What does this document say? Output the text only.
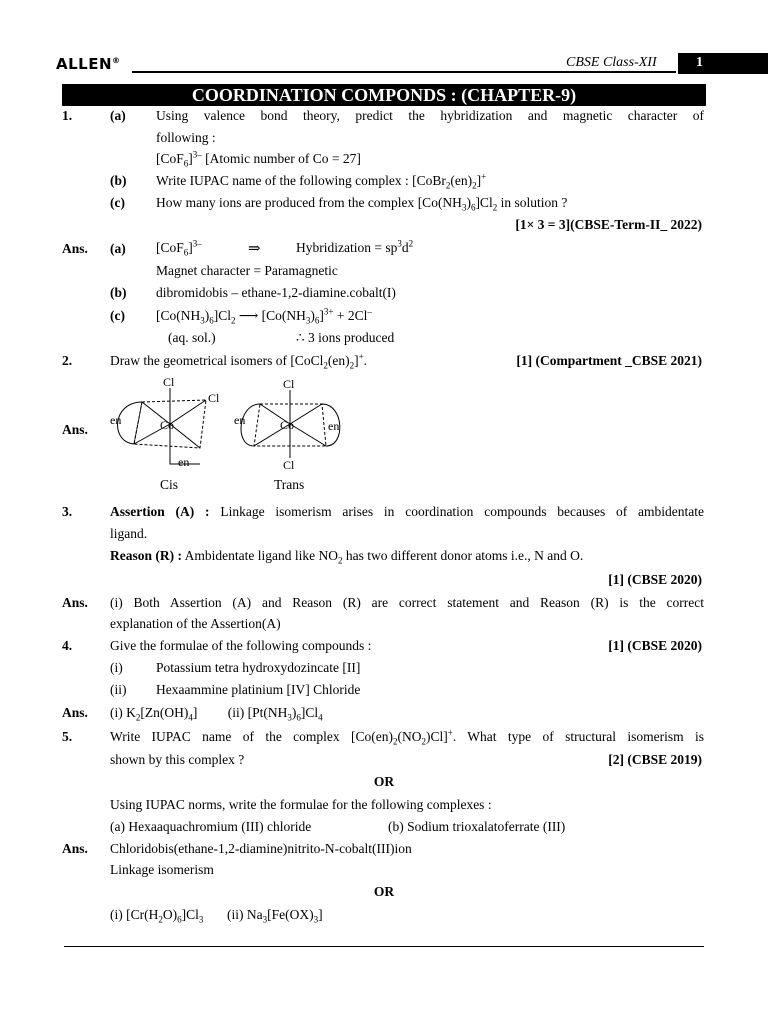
ALLEN®	CBSE Class-XII	1
COORDINATION COMPONDS : (CHAPTER-9)
1.	(a) Using valence bond theory, predict the hybridization and magnetic character of
following :
$[CoF_6]^{3-}$ [Atomic number of Co = 27]
(b) Write IUPAC name of the following complex : $[CoBr_2(en)_2]^+$
(c) How many ions are produced from the complex $[Co(NH_3)_6]Cl_2$ in solution ?
[1× 3 = 3](CBSE-Term-II_ 2022)
Ans. (a) $[CoF_6]^{3-}$	⇒	Hybridization = $sp^3d^2$
Magnet character = Paramagnetic
(b) dibromidobis – ethane-1,2-diamine.cobalt(I)
(c) $[Co(NH_3)_6]Cl_2$ ⟶ $[Co(NH_3)_6]^{3+} + 2Cl^-$
(aq. sol.)	∴ 3 ions produced
2.	Draw the geometrical isomers of $[CoCl_2(en)_2]^+$.	[1] (Compartment _CBSE 2021)
Ans.
Cl
Cl
Co
en
en
Cis
Cl
Co
en	en
Cl
Trans
3.	Assertion (A) : Linkage isomerism arises in coordination compounds becauses of ambidentate
ligand.
Reason (R) : Ambidentate ligand like $NO_2$ has two different donor atoms i.e., N and O.
[1] (CBSE 2020)
Ans. (i) Both Assertion (A) and Reason (R) are correct statement and Reason (R) is the correct
explanation of the Assertion(A)
4.	Give the formulae of the following compounds :	[1] (CBSE 2020)
(i) Potassium tetra hydroxydozincate [II]
(ii) Hexaammine platinium [IV] Chloride
Ans. (i) $K_2[Zn(OH)_4]$         (ii) $[Pt(NH_3)_6]Cl_4$
5.	Write IUPAC name of the complex $[Co(en)_2(NO_2)Cl]^+$. What type of structural isomerism is
shown by this complex ?	[2] (CBSE 2019)
OR
Using IUPAC norms, write the formulae for the following complexes :
(a) Hexaaquachromium (III) chloride	(b) Sodium trioxalatoferrate (III)
Ans. Chloridobis(ethane-1,2-diamine)nitrito-N-cobalt(III)ion
Linkage isomerism
OR
(i) $[Cr(H_2O)_6]Cl_3$       (ii) $Na_3[Fe(OX)_3]$
